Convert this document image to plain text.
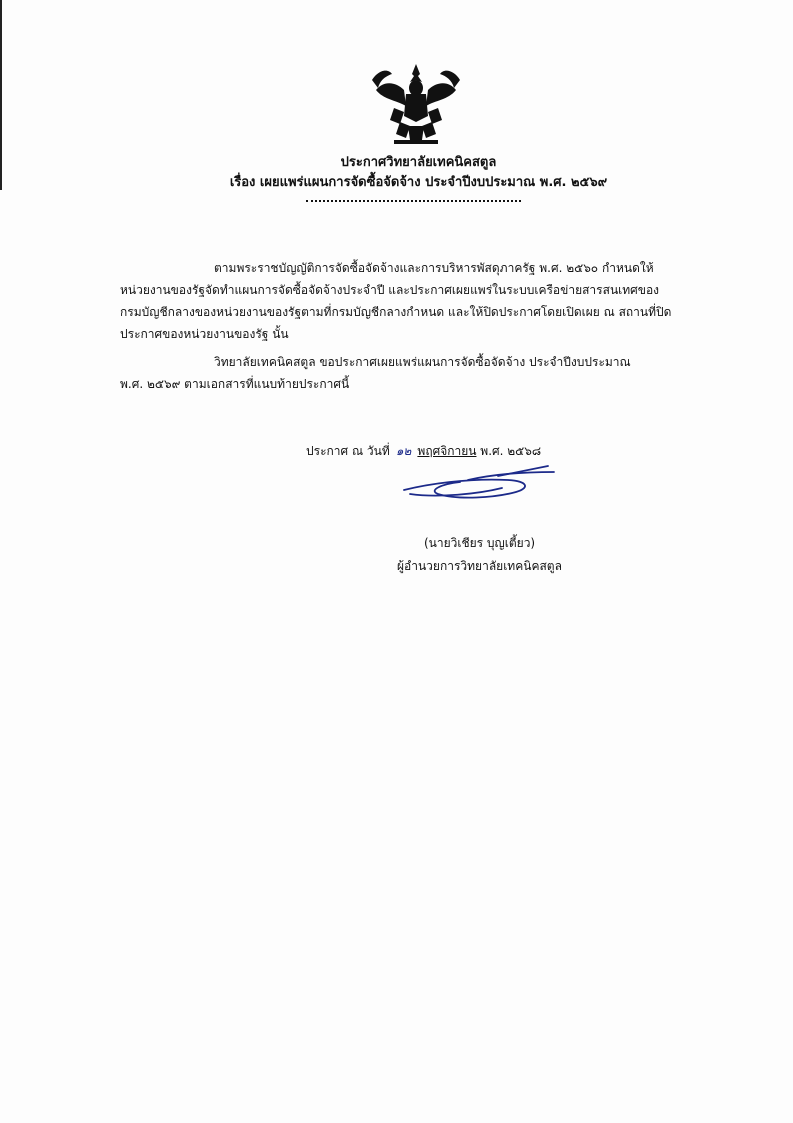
ประกาศวิทยาลัยเทคนิคสตูล
เรื่อง เผยแพร่แผนการจัดซื้อจัดจ้าง ประจำปีงบประมาณ พ.ศ. ๒๕๖๙
ตามพระราชบัญญัติการจัดซื้อจัดจ้างและการบริหารพัสดุภาครัฐ พ.ศ. ๒๕๖๐ กำหนดให้
หน่วยงานของรัฐจัดทำแผนการจัดซื้อจัดจ้างประจำปี และประกาศเผยแพร่ในระบบเครือข่ายสารสนเทศของ
กรมบัญชีกลางของหน่วยงานของรัฐตามที่กรมบัญชีกลางกำหนด และให้ปิดประกาศโดยเปิดเผย ณ สถานที่ปิด
ประกาศของหน่วยงานของรัฐ นั้น
วิทยาลัยเทคนิคสตูล ขอประกาศเผยแพร่แผนการจัดซื้อจัดจ้าง ประจำปีงบประมาณ
พ.ศ. ๒๕๖๙ ตามเอกสารที่แนบท้ายประกาศนี้
ประกาศ ณ วันที่ ๑๒ พฤศจิกายน พ.ศ. ๒๕๖๘
(นายวิเชียร บุญเตี้ยว)
ผู้อำนวยการวิทยาลัยเทคนิคสตูล
